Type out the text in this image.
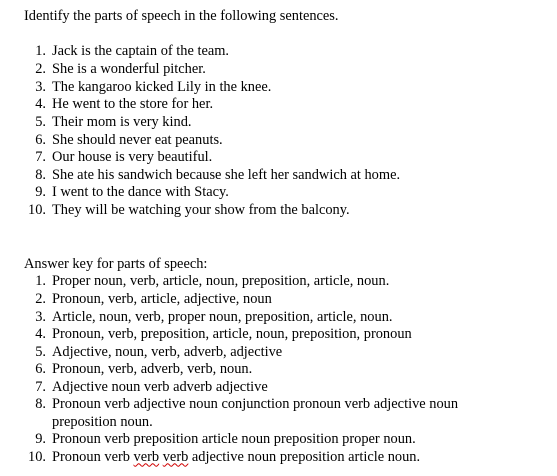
Identify the parts of speech in the following sentences.
1. Jack is the captain of the team.
2. She is a wonderful pitcher.
3. The kangaroo kicked Lily in the knee.
4. He went to the store for her.
5. Their mom is very kind.
6. She should never eat peanuts.
7. Our house is very beautiful.
8. She ate his sandwich because she left her sandwich at home.
9. I went to the dance with Stacy.
10. They will be watching your show from the balcony.
Answer key for parts of speech:
1. Proper noun, verb, article, noun, preposition, article, noun.
2. Pronoun, verb, article, adjective, noun
3. Article, noun, verb, proper noun, preposition, article, noun.
4. Pronoun, verb, preposition, article, noun, preposition, pronoun
5. Adjective, noun, verb, adverb, adjective
6. Pronoun, verb, adverb, verb, noun.
7. Adjective noun verb adverb adjective
8. Pronoun verb adjective noun conjunction pronoun verb adjective noun
preposition noun.
9. Pronoun verb preposition article noun preposition proper noun.
10. Pronoun verb verb verb adjective noun preposition article noun.
